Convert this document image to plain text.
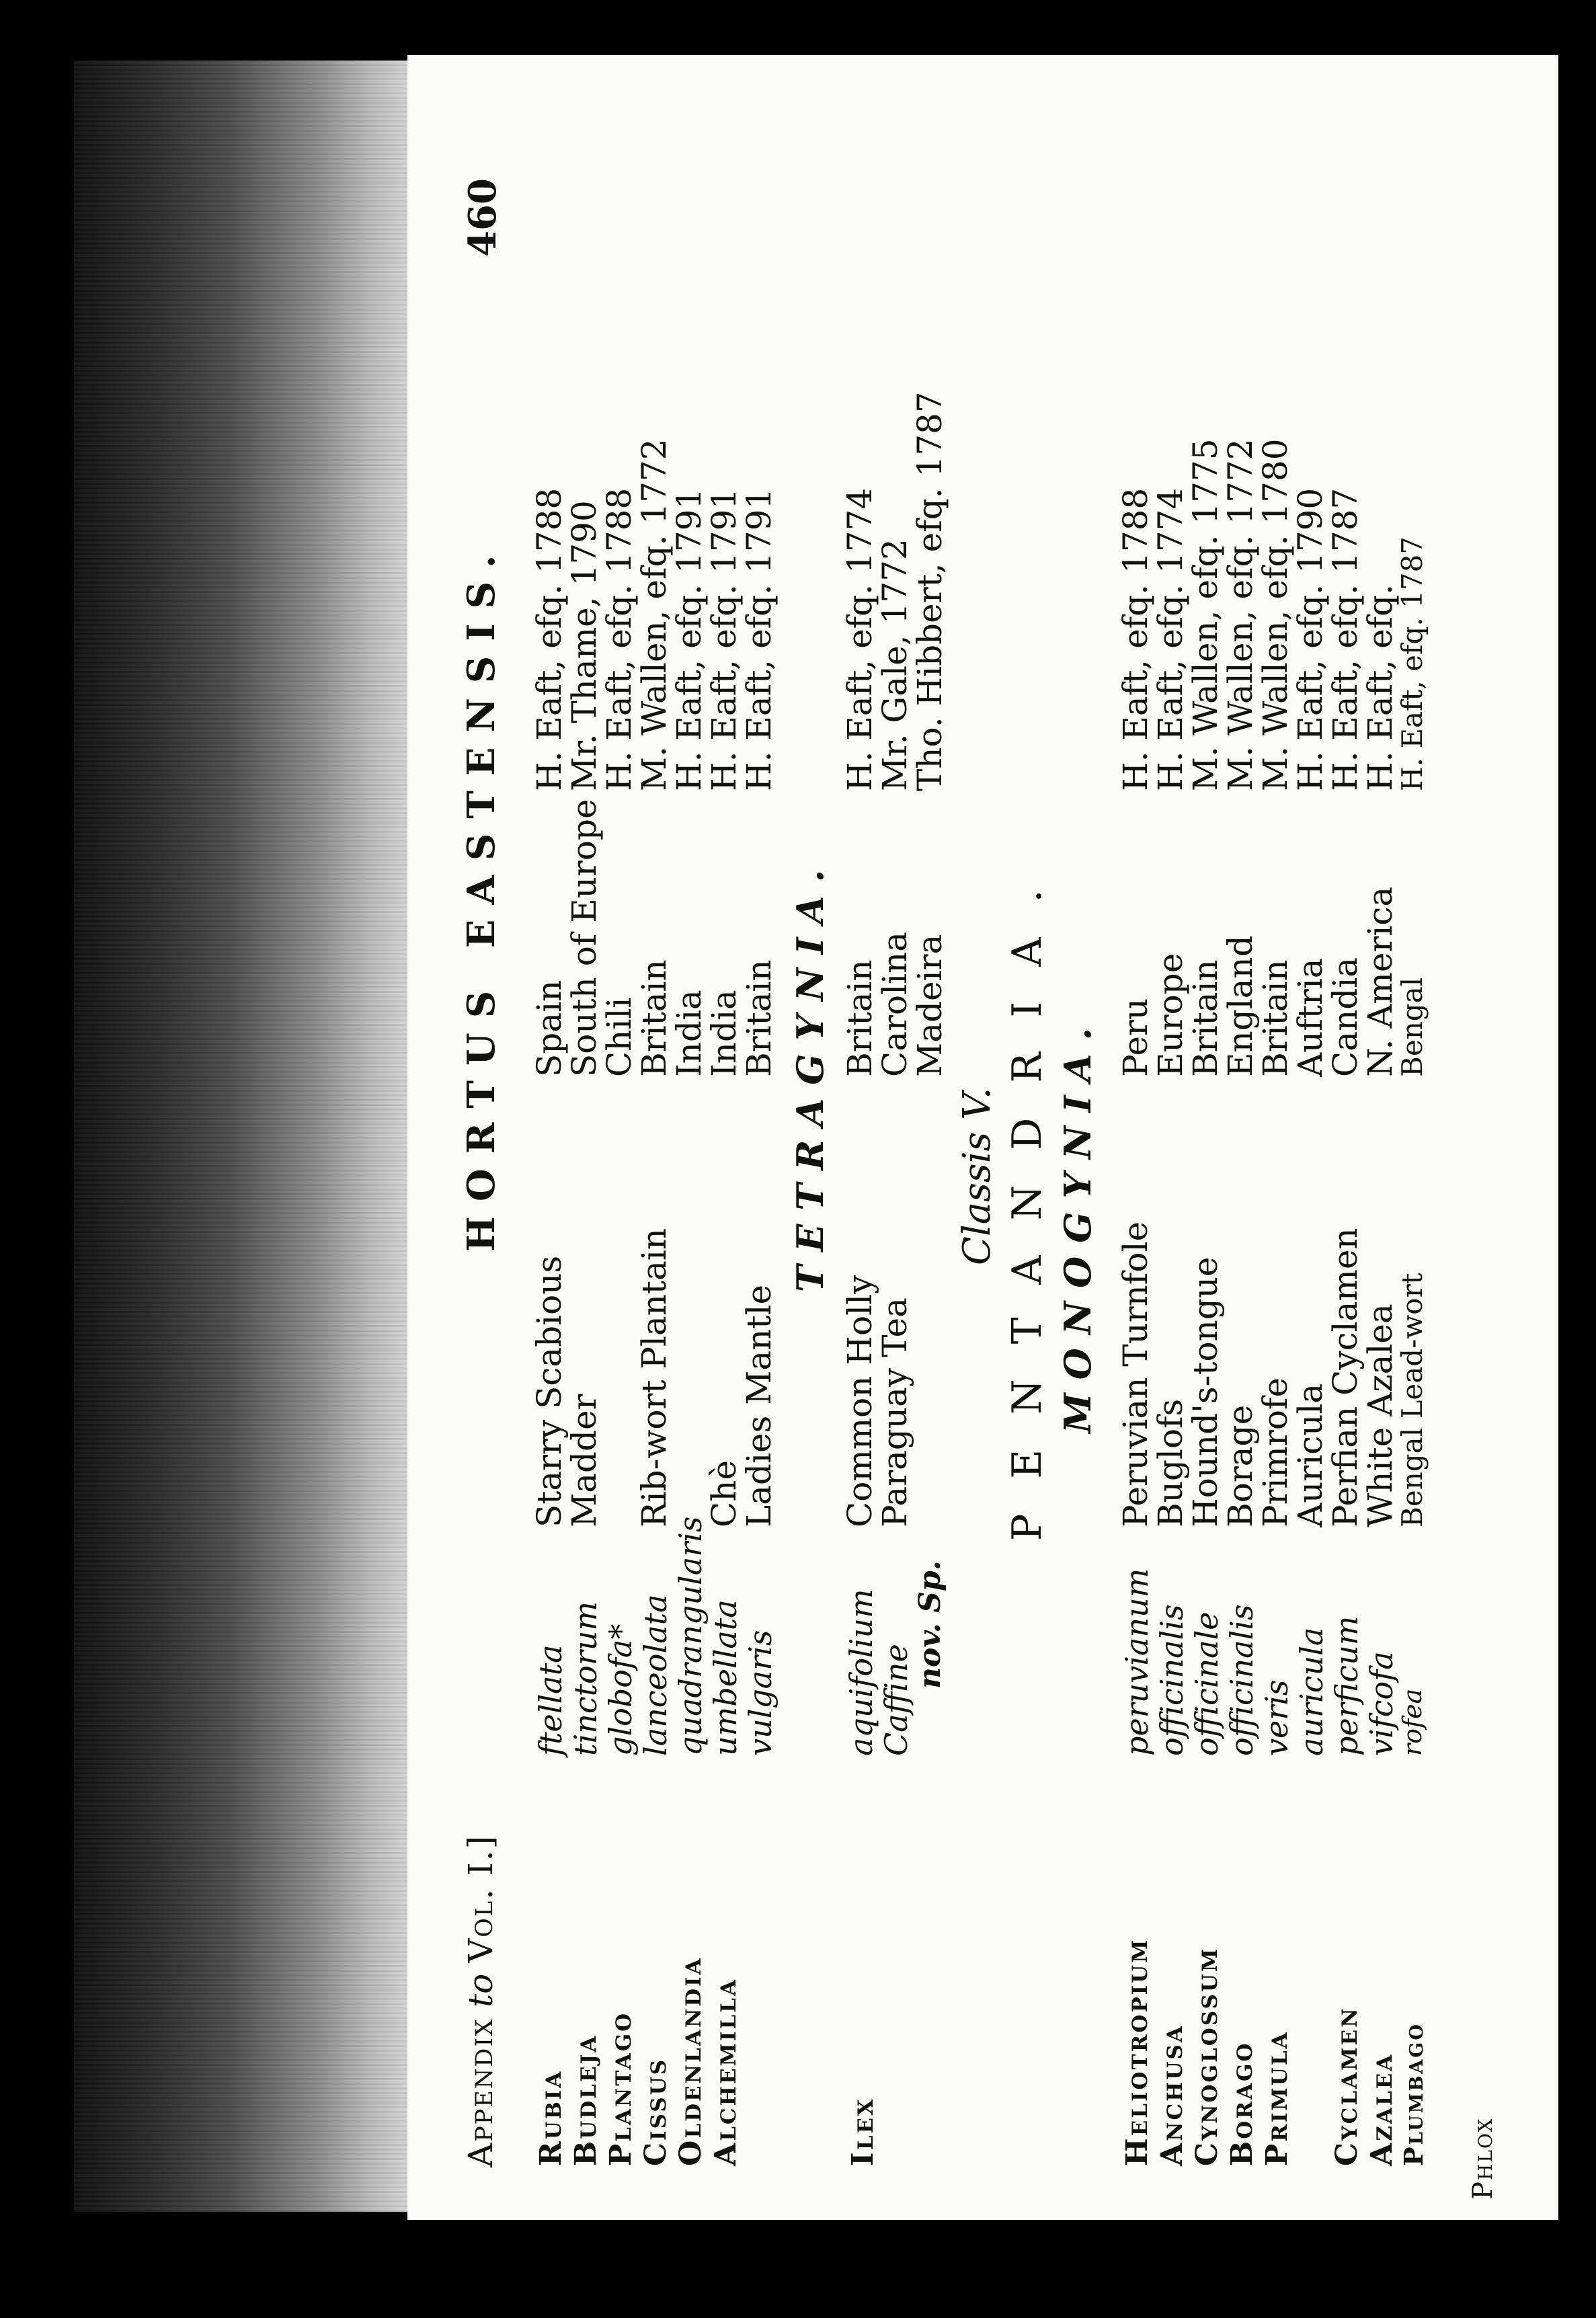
Appendix to Vol. I.]
HORTUS EASTENSIS.
460
Rubia
ftellata
Starry Scabious
Spain
H. Eaft, efq. 1788
Budleja
tinctorum
Madder
South of Europe
Mr. Thame, 1790
Plantago
globofa*
Chili
H. Eaft, efq. 1788
Cissus
lanceolata
Rib-wort Plantain
Britain
M. Wallen, efq. 1772
Oldenlandia
quadrangularis
India
H. Eaft, efq. 1791
Alchemilla
umbellata
Chè
India
H. Eaft, efq. 1791
vulgaris
Ladies Mantle
Britain
H. Eaft, efq. 1791
TETRAGYNIA.
Ilex
aquifolium
Common Holly
Britain
H. Eaft, efq. 1774
Caffine
Paraguay Tea
Carolina
Mr. Gale, 1772
nov. Sp.
Madeira
Tho. Hibbert, efq. 1787
Classis V. PENTANDRIA. MONOGYNIA.
Heliotropium
peruvianum
Peruvian Turnfole
Peru
H. Eaft, efq. 1788
Anchusa
officinalis
Buglofs
Europe
H. Eaft, efq. 1774
Cynoglossum
officinale
Hound's-tongue
Britain
M. Wallen, efq. 1775
Borago
officinalis
Borage
England
M. Wallen, efq. 1772
Primula
veris
Primrofe
Britain
M. Wallen, efq. 1780
auricula
Auricula
Auftria
H. Eaft, efq. 1790
Cyclamen
perficum
Perfian Cyclamen
Candia
H. Eaft, efq. 1787
Azalea
vifcofa
White Azalea
N. America
H. Eaft, efq.
Plumbago
rofea
Bengal Lead-wort
Bengal
H. Eaft, efq. 1787
Phlox
